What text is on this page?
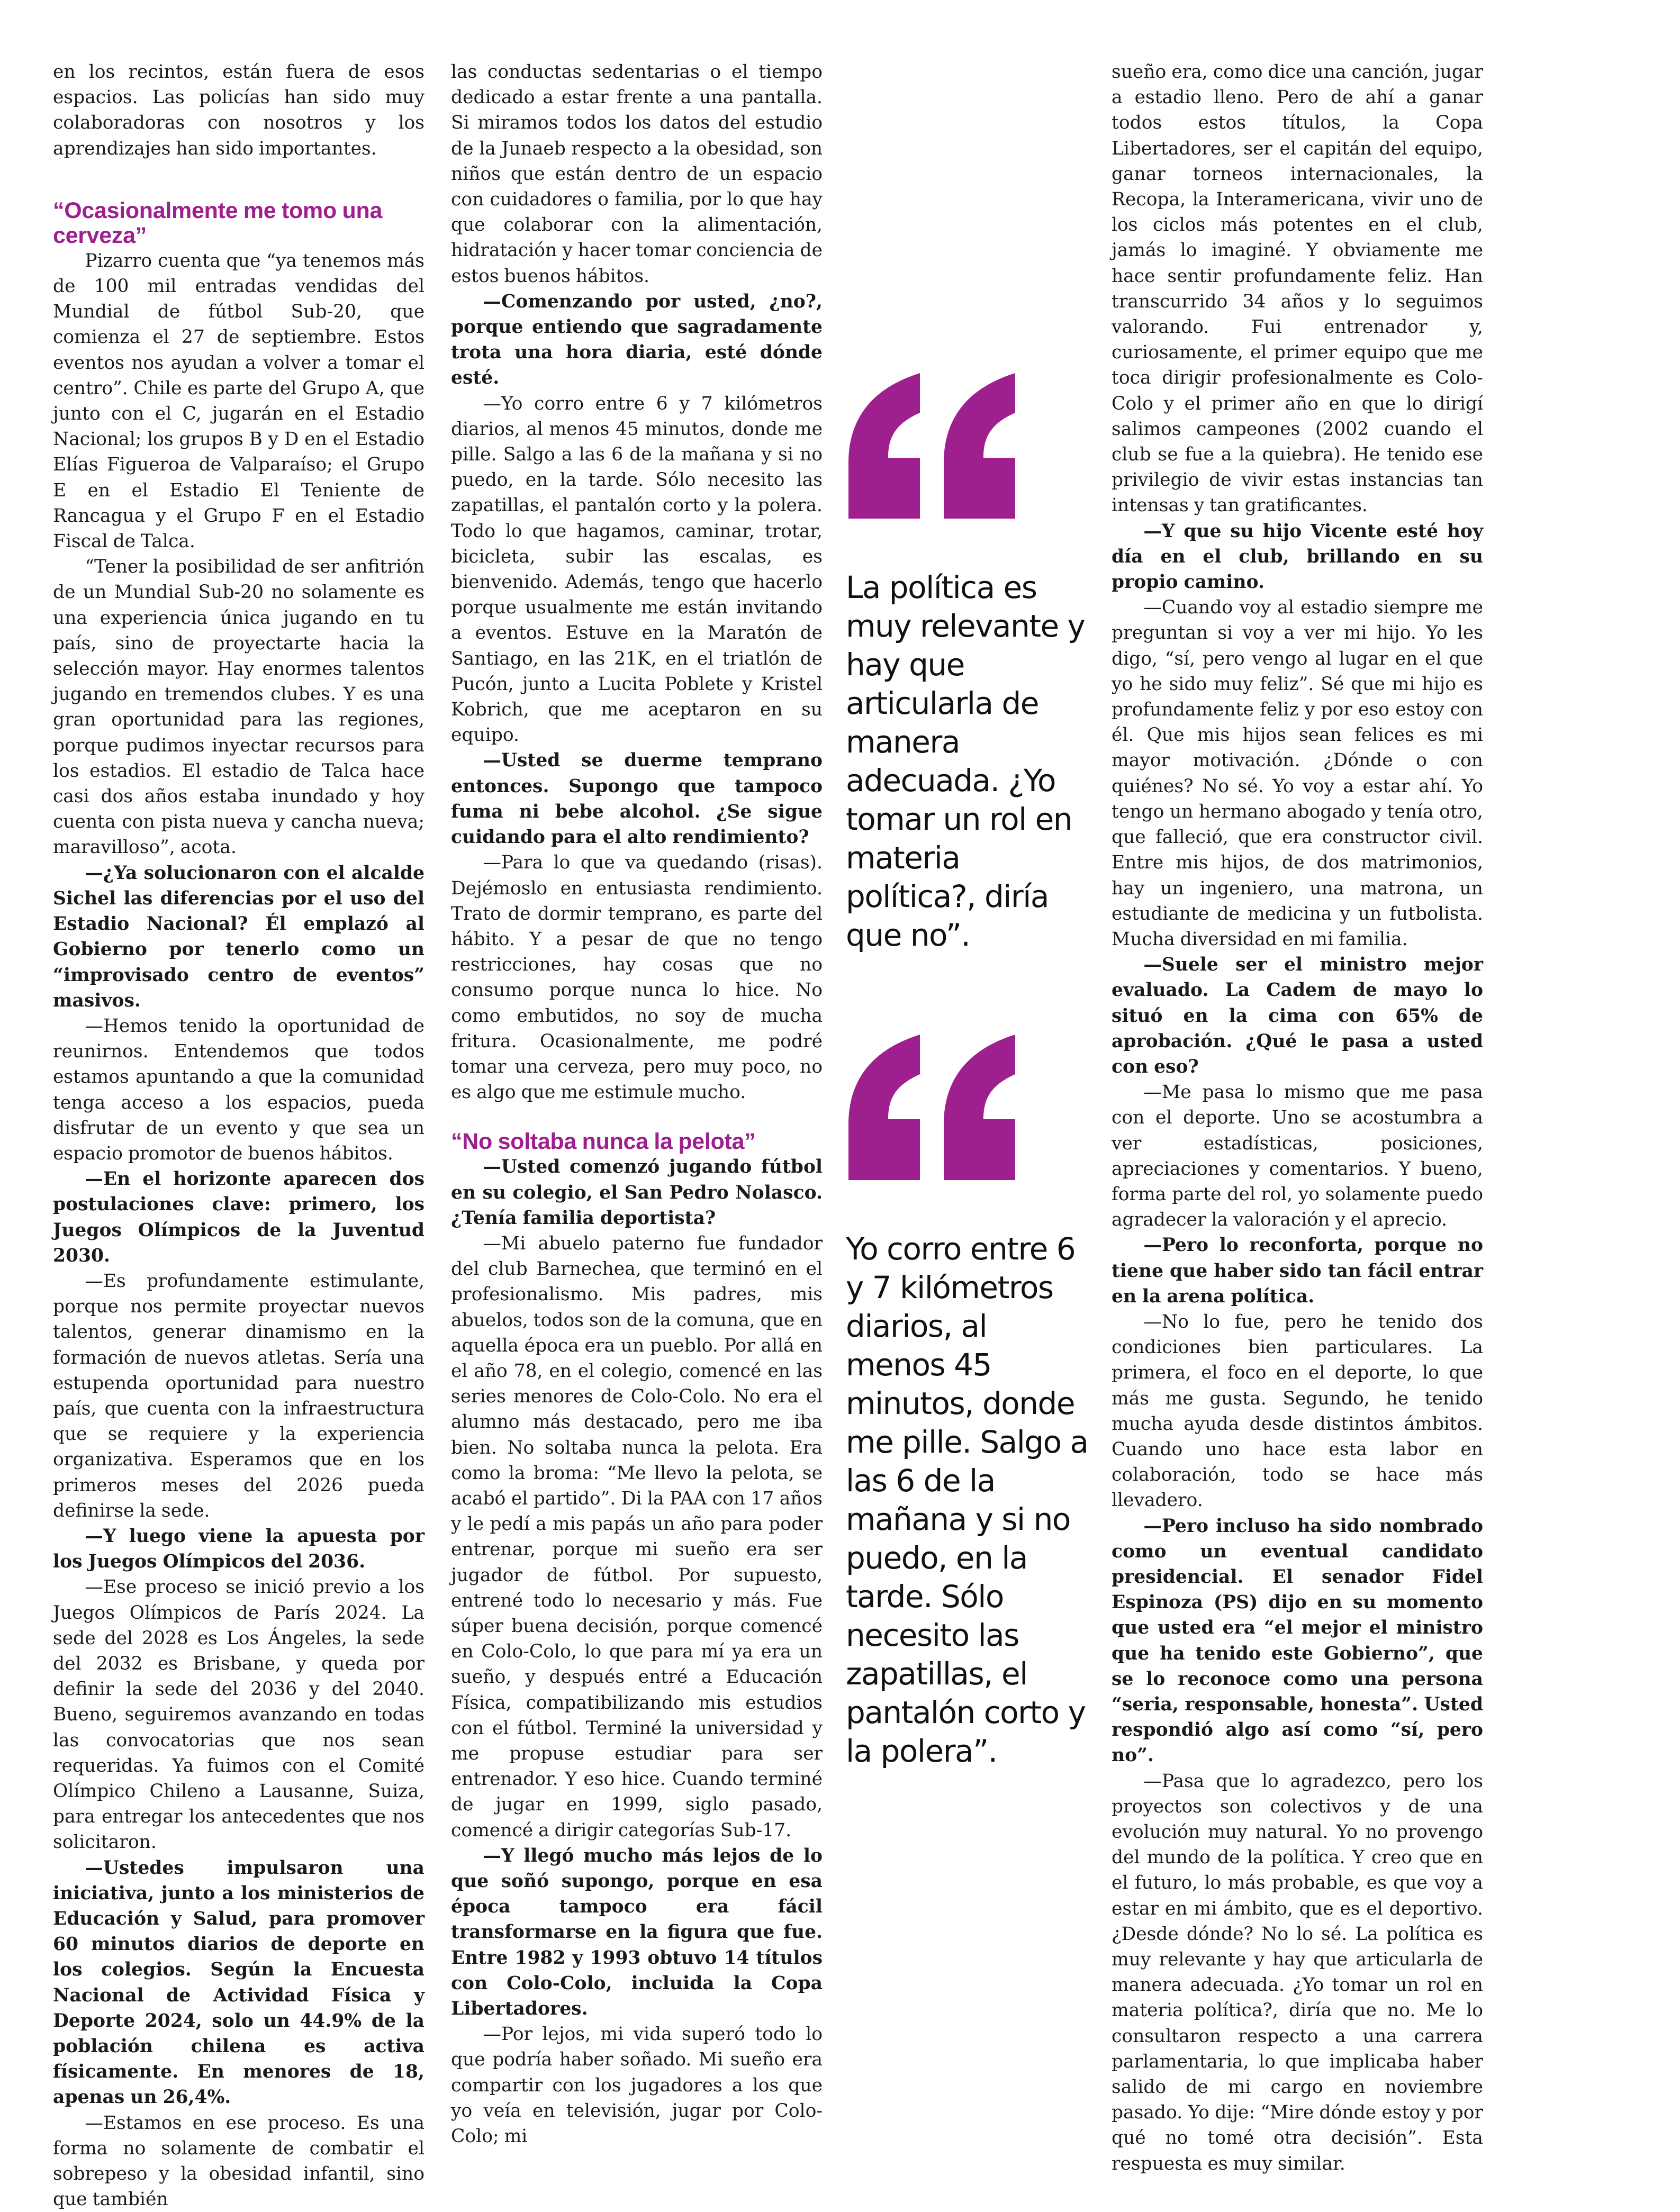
en los recintos, están fuera de esos espacios. Las policías han sido muy colaboradoras con nosotros y los aprendizajes han sido importantes.

“Ocasionalmente me tomo una cerveza”

Pizarro cuenta que “ya tenemos más de 100 mil entradas vendidas del Mundial de fútbol Sub-20, que comienza el 27 de septiembre. Estos eventos nos ayudan a volver a tomar el centro”. Chile es parte del Grupo A, que junto con el C, jugarán en el Estadio Nacional; los grupos B y D en el Estadio Elías Figueroa de Valparaíso; el Grupo E en el Estadio El Teniente de Rancagua y el Grupo F en el Estadio Fiscal de Talca.

“Tener la posibilidad de ser anfitrión de un Mundial Sub-20 no solamente es una experiencia única jugando en tu país, sino de proyectarte hacia la selección mayor. Hay enormes talentos jugando en tremendos clubes. Y es una gran oportunidad para las regiones, porque pudimos inyectar recursos para los estadios. El estadio de Talca hace casi dos años estaba inundado y hoy cuenta con pista nueva y cancha nueva; maravilloso”, acota.

—¿Ya solucionaron con el alcalde Sichel las diferencias por el uso del Estadio Nacional? Él emplazó al Gobierno por tenerlo como un “improvisado centro de eventos” masivos.

—Hemos tenido la oportunidad de reunirnos. Entendemos que todos estamos apuntando a que la comunidad tenga acceso a los espacios, pueda disfrutar de un evento y que sea un espacio promotor de buenos hábitos.

—En el horizonte aparecen dos postulaciones clave: primero, los Juegos Olímpicos de la Juventud 2030.

—Es profundamente estimulante, porque nos permite proyectar nuevos talentos, generar dinamismo en la formación de nuevos atletas. Sería una estupenda oportunidad para nuestro país, que cuenta con la infraestructura que se requiere y la experiencia organizativa. Esperamos que en los primeros meses del 2026 pueda definirse la sede.

—Y luego viene la apuesta por los Juegos Olímpicos del 2036.

—Ese proceso se inició previo a los Juegos Olímpicos de París 2024. La sede del 2028 es Los Ángeles, la sede del 2032 es Brisbane, y queda por definir la sede del 2036 y del 2040. Bueno, seguiremos avanzando en todas las convocatorias que nos sean requeridas. Ya fuimos con el Comité Olímpico Chileno a Lausanne, Suiza, para entregar los antecedentes que nos solicitaron.

—Ustedes impulsaron una iniciativa, junto a los ministerios de Educación y Salud, para promover 60 minutos diarios de deporte en los colegios. Según la Encuesta Nacional de Actividad Física y Deporte 2024, solo un 44.9% de la población chilena es activa físicamente. En menores de 18, apenas un 26,4%.

—Estamos en ese proceso. Es una forma no solamente de combatir el sobrepeso y la obesidad infantil, sino que también

las conductas sedentarias o el tiempo dedicado a estar frente a una pantalla. Si miramos todos los datos del estudio de la Junaeb respecto a la obesidad, son niños que están dentro de un espacio con cuidadores o familia, por lo que hay que colaborar con la alimentación, hidratación y hacer tomar conciencia de estos buenos hábitos.

—Comenzando por usted, ¿no?, porque entiendo que sagradamente trota una hora diaria, esté dónde esté.

—Yo corro entre 6 y 7 kilómetros diarios, al menos 45 minutos, donde me pille. Salgo a las 6 de la mañana y si no puedo, en la tarde. Sólo necesito las zapatillas, el pantalón corto y la polera. Todo lo que hagamos, caminar, trotar, bicicleta, subir las escalas, es bienvenido. Además, tengo que hacerlo porque usualmente me están invitando a eventos. Estuve en la Maratón de Santiago, en las 21K, en el triatlón de Pucón, junto a Lucita Poblete y Kristel Kobrich, que me aceptaron en su equipo.

—Usted se duerme temprano entonces. Supongo que tampoco fuma ni bebe alcohol. ¿Se sigue cuidando para el alto rendimiento?

—Para lo que va quedando (risas). Dejémoslo en entusiasta rendimiento. Trato de dormir temprano, es parte del hábito. Y a pesar de que no tengo restricciones, hay cosas que no consumo porque nunca lo hice. No como embutidos, no soy de mucha fritura. Ocasionalmente, me podré tomar una cerveza, pero muy poco, no es algo que me estimule mucho.

“No soltaba nunca la pelota”

—Usted comenzó jugando fútbol en su colegio, el San Pedro Nolasco. ¿Tenía familia deportista?

—Mi abuelo paterno fue fundador del club Barnechea, que terminó en el profesionalismo. Mis padres, mis abuelos, todos son de la comuna, que en aquella época era un pueblo. Por allá en el año 78, en el colegio, comencé en las series menores de Colo-Colo. No era el alumno más destacado, pero me iba bien. No soltaba nunca la pelota. Era como la broma: “Me llevo la pelota, se acabó el partido”. Di la PAA con 17 años y le pedí a mis papás un año para poder entrenar, porque mi sueño era ser jugador de fútbol. Por supuesto, entrené todo lo necesario y más. Fue súper buena decisión, porque comencé en Colo-Colo, lo que para mí ya era un sueño, y después entré a Educación Física, compatibilizando mis estudios con el fútbol. Terminé la universidad y me propuse estudiar para ser entrenador. Y eso hice. Cuando terminé de jugar en 1999, siglo pasado, comencé a dirigir categorías Sub-17.

—Y llegó mucho más lejos de lo que soñó supongo, porque en esa época tampoco era fácil transformarse en la figura que fue. Entre 1982 y 1993 obtuvo 14 títulos con Colo-Colo, incluida la Copa Libertadores.

—Por lejos, mi vida superó todo lo que podría haber soñado. Mi sueño era compartir con los jugadores a los que yo veía en televisión, jugar por Colo-Colo; mi

La política es muy relevante y hay que articularla de manera adecuada. ¿Yo tomar un rol en materia política?, diría que no”.

Yo corro entre 6 y 7 kilómetros diarios, al menos 45 minutos, donde me pille. Salgo a las 6 de la mañana y si no puedo, en la tarde. Sólo necesito las zapatillas, el pantalón corto y la polera”.

sueño era, como dice una canción, jugar a estadio lleno. Pero de ahí a ganar todos estos títulos, la Copa Libertadores, ser el capitán del equipo, ganar torneos internacionales, la Recopa, la Interamericana, vivir uno de los ciclos más potentes en el club, jamás lo imaginé. Y obviamente me hace sentir profundamente feliz. Han transcurrido 34 años y lo seguimos valorando. Fui entrenador y, curiosamente, el primer equipo que me toca dirigir profesionalmente es Colo-Colo y el primer año en que lo dirigí salimos campeones (2002 cuando el club se fue a la quiebra). He tenido ese privilegio de vivir estas instancias tan intensas y tan gratificantes.

—Y que su hijo Vicente esté hoy día en el club, brillando en su propio camino.

—Cuando voy al estadio siempre me preguntan si voy a ver mi hijo. Yo les digo, “sí, pero vengo al lugar en el que yo he sido muy feliz”. Sé que mi hijo es profundamente feliz y por eso estoy con él. Que mis hijos sean felices es mi mayor motivación. ¿Dónde o con quiénes? No sé. Yo voy a estar ahí. Yo tengo un hermano abogado y tenía otro, que falleció, que era constructor civil. Entre mis hijos, de dos matrimonios, hay un ingeniero, una matrona, un estudiante de medicina y un futbolista. Mucha diversidad en mi familia.

—Suele ser el ministro mejor evaluado. La Cadem de mayo lo situó en la cima con 65% de aprobación. ¿Qué le pasa a usted con eso?

—Me pasa lo mismo que me pasa con el deporte. Uno se acostumbra a ver estadísticas, posiciones, apreciaciones y comentarios. Y bueno, forma parte del rol, yo solamente puedo agradecer la valoración y el aprecio.

—Pero lo reconforta, porque no tiene que haber sido tan fácil entrar en la arena política.

—No lo fue, pero he tenido dos condiciones bien particulares. La primera, el foco en el deporte, lo que más me gusta. Segundo, he tenido mucha ayuda desde distintos ámbitos. Cuando uno hace esta labor en colaboración, todo se hace más llevadero.

—Pero incluso ha sido nombrado como un eventual candidato presidencial. El senador Fidel Espinoza (PS) dijo en su momento que usted era “el mejor el ministro que ha tenido este Gobierno”, que se lo reconoce como una persona “seria, responsable, honesta”. Usted respondió algo así como “sí, pero no”.

—Pasa que lo agradezco, pero los proyectos son colectivos y de una evolución muy natural. Yo no provengo del mundo de la política. Y creo que en el futuro, lo más probable, es que voy a estar en mi ámbito, que es el deportivo. ¿Desde dónde? No lo sé. La política es muy relevante y hay que articularla de manera adecuada. ¿Yo tomar un rol en materia política?, diría que no. Me lo consultaron respecto a una carrera parlamentaria, lo que implicaba haber salido de mi cargo en noviembre pasado. Yo dije: “Mire dónde estoy y por qué no tomé otra decisión”. Esta respuesta es muy similar.
